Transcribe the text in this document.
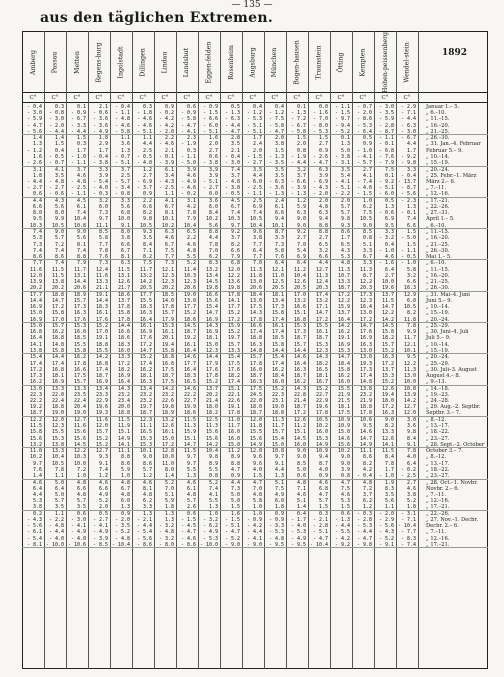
— 135 —
aus den täglichen Extremen.
Amberg Passau Metten Regens-burg Ingolstadt Dillingen Lindau Landshut Eggen-felden Rosenheim Augsburg München Bogen-hausen Traunstein Ötting Kempten Hohen-peissenberg Wendel-stein
C°	C°	C°	C°	C°	C°	C°	C°	C°	C°	C°	C°	C°	C°	C°	C°	C°	C°
1892
- 0.4	0.3	0.1	2.1	- 0.4	0.3	0.9	0.6	- 0.9	0.5	0.4	0.4	0.1	0.0	- 1.1	- 0.7	- 3.0	- 2.9 Januar 1.– 5.
- 3.0	- 0.8	- 0.9	- 0.6	- 1.1	- 1.8	- 0.2	- 0.9	- 1.5	- 1.3	- 1.2	- 1.2	- 1.3	- 1.6	- 1.5	- 2.0	- 3.5	- 7.1 „ 6.–10.
- 5.9	- 3.0	- 6.7	- 3.6	- 4.8	- 4.6	- 4.2	- 5.8	- 6.6	- 6.3	- 5.3	- 7.5	- 7.2	- 7.0	- 9.7	- 8.6	- 5.9	- 4.4 „ 11.–15.
- 4.7	- 2.0	- 3.3	- 3.6	- 4.6	- 4.6	- 4.2	- 4.7	- 6.0	- 4.4	- 5.1	- 5.8	- 6.7	- 8.0	- 9.4	- 5.3	- 2.8	- 6.3 „ 16.–20.
- 5.6	- 4.4	- 4.4	- 4.9	- 5.8	- 5.1	- 2.0	- 4.1	- 5.1	- 4.7	- 5.1	- 4.7	- 5.8	- 5.3	- 5.2	- 6.4	- 8.7	- 3.0 „ 21.–25.
1.4	1.4	1.5	1.8	1.1	1.1	2.2	2.3	1.6	2.8	1.7	2.0	1.5	1.5	0.1	0.5	- 1.1	- 6.7 „ 26.–30.
1.3	1.5	0.3	2.9	3.6	4.4	- 4.6	- 1.9	2.0	3.5	2.4	3.8	2.0	2.7	1.3	0.9	- 0.1	4.4 „ 31. Jan.–4. Februar
- 1.2	0.4	1.7	1.7	1.3	2.5	2.1	0.3	2.7	2.1	2.0	1.5	0.8	0.9	5.0	- 1.0	- 6.8	1.7 Februar 5.– 9.
1.6	- 0.5	- 1.0	- 0.4	- 0.7	- 0.5	- 0.1	- 1.1	0.6	- 0.4	- 1.5	- 1.3	- 1.9	- 2.6	- 3.8	- 4.1	- 7.6	- 9.2 „ 10.–14.
- 2.6	- 0.7	- 1.1	- 3.8	- 5.1	- 4.0	- 3.9	- 5.0	- 3.8	- 3.0	- 2.7	- 3.5	- 4.4	- 4.7	- 3.1	- 5.7	- 7.9	- 9.8 „ 15.–19.
3.1	4.1	3.7	3.3	3.7	1.2	6.1	3.9	3.9	7.4	3.5	3.5	3.2	6.3	3.5	2.7	7.5	3.3 „ 20.–24.
1.8	3.5	4.6	3.9	2.5	2.7	3.4	4.6	3.9	3.7	4.4	3.5	3.7	3.9	5.4	4.1	0.1	- 0.4 „ 25. Febr.–1. März
- 4.4	- 4.8	- 4.8	- 5.4	- 5.7	- 6.9	- 4.3	- 4.9	- 5.1	- 4.8	- 6.0	- 6.3	- 6.6	- 6.9	- 4.1	- 7.4	- 9.2 - 13.7 März 2.– 6.
- 2.7	- 2.7	- 2.5	- 4.0	- 3.4	- 3.7	- 2.5	- 4.6	- 2.7	- 3.0	- 2.5	- 3.6	- 3.9	- 4.3	- 5.1	- 4.6	- 5.1	- 8.7 „ 7.–11.
0.6	- 0.6	- 1.1	- 0.3	- 0.8	0.9	1.1	- 0.2	0.0	- 0.5	- 1.1	- 1.3	- 1.3	- 2.0	- 2.2	- 1.5	- 6.0	- 5.6 „ 12.–16.
4.4	4.3	4.5	3.2	3.3	2.2	4.1	3.1	3.6	4.5	2.5	2.4	1.2	2.0	2.0	1.0	0.5	- 2.3 „ 17.–21.
6.6	5.6	6.1	6.0	5.6	6.6	6.7	4.2	6.0	6.7	6.9	6.1	5.9	4.8	5.7	6.2	1.3	1.3 „ 22.–26.
8.0	8.0	7.4	7.3	6.8	8.2	8.1	7.8	8.4	7.4	7.4	6.6	6.3	6.3	5.7	7.5	- 0.6	- 0.1 „ 27.–31.
9.5	9.9	10.4	9.7	10.0	9.8	10.1	7.9	10.2	10.3	10.5	9.4	9.0	9.4	9.8	10.5	6.9	7.4 April 1.– 5.
10.3	10.5	10.8	11.1	9.1	10.5	10.2	10.4	5.6	9.7	10.4	10.1	9.0	8.8	9.3	9.0	9.5	6.6 „ 6.–10.
7.4	9.0	9.0	8.5	8.0	9.3	6.3	6.5	8.8	9.2	9.6	8.7	9.2	8.8	8.6	8.5	3.3	1.5 „ 11.–15.
5.3	5.7	5.6	5.8	3.8	3.5	4.6	2.2	4.4	3.7	3.8	3.3	2.7	2.7	1.7	0.8	- 3.2	- 5.0 „ 16.–20.
7.3	7.2	8.1	7.7	6.6	8.4	6.7	4.6	7.8	8.2	7.7	7.3	7.0	6.5	6.5	5.1	0.4	1.5 „ 21.–25.
7.4	7.4	7.4	7.8	6.7	7.1	7.5	4.8	7.0	6.6	6.4	5.8	5.4	3.2	4.3	3.3	- 1.0	- 1.1 „ 26.–30.
8.6	8.6	8.8	7.6	8.1	8.2	7.7	5.5	6.2	7.9	7.7	7.6	6.9	6.6	5.3	6.7	4.6	- 0.5 Mai 1.– 5.
7.7	7.4	7.9	7.3	6.3	7.5	7.3	5.2	8.3	6.8	7.0	6.4	6.4	4.4	4.8	3.3	- 1.6	- 1.0 „ 6.–10.
11.6	11.5	11.7	12.4	11.5	11.7	12.1	11.4	13.2	12.0	11.3	12.1	11.2	12.7	11.3	11.3	6.4	5.8 „ 11.–15.
12.0	11.5	13.1	11.6	13.1	13.2	12.3	10.3	13.4	12.2	11.8	11.0	10.4	11.3	10.7	8.7	2.7	3.2 „ 16.–20.
13.9	13.8	14.4	13.3	12.6	14.2	12.3	12.3	14.5	13.6	13.0	12.5	12.6	12.4	13.3	12.2	10.0	6.6 „ 21.–25.
20.2	20.2	20.6	21.1	21.7	20.5	20.2	20.6	19.8	19.8	20.6	20.5	20.5	20.3	18.7	20.3	19.6	16.3 „ 26.–30.
17.7	18.8	18.9	19.1	18.6	17.7	18.5	19.0	16.6	17.8	18.4	18.1	17.0	17.4	17.2	17.3	13.7	12.9 „ 31. Mai–4. Juni
14.4	14.7	15.7	14.4	13.7	15.5	14.0	13.0	15.6	14.1	13.0	13.4	13.2	13.2	12.2	12.3	11.5	6.0 Juni 5.– 9.
16.9	17.2	17.3	18.3	17.8	18.3	17.8	17.7	15.4	17.7	17.5	17.3	16.6	17.1	15.9	16.4	14.7	10.5 „ 10.–14.
15.0	15.8	16.3	16.1	15.8	16.3	15.7	15.2	14.7	15.2	14.3	15.8	15.1	14.7	13.7	13.0	12.2	8.2 „ 15.–19.
16.9	17.0	17.6	17.6	17.8	16.4	17.9	18.6	16.9	17.2	17.8	17.4	16.8	17.2	16.4	17.2	14.2	11.8 „ 20.–24.
15.0	15.7	15.3	15.2	14.4	16.1	15.3	14.5	14.3	15.9	16.6	16.1	15.3	15.5	14.2	14.7	14.5	7.8 „ 25.–29.
16.8	16.2	16.0	17.0	16.6	16.9	16.1	18.7	16.9	15.2	17.4	17.4	17.3	16.1	16.2	17.6	15.8	9.9 „ 30. Juni–4. Juli
16.4	18.8	18.5	19.1	18.6	17.6	20.1	19.2	18.1	19.7	18.8	18.5	18.7	18.7	19.1	16.9	18.2	11.7 Juli 5.– 9.
14.1	14.8	15.5	18.8	18.3	17.2	19.4	16.1	15.0	15.7	16.3	15.8	15.7	15.3	16.9	16.3	15.7	12.1 „ 10.–14.
13.8	15.8	15.8	15.5	16.0	14.7	15.8	16.4	12.3	13.3	14.8	14.4	14.4	12.3	15.3	13.0	15.2	10.1 „ 15.–19.
15.4	14.4	16.2	14.2	13.3	15.2	16.8	14.6	14.4	15.4	15.7	15.4	14.6	14.3	14.7	13.0	16.3	9.5 „ 20.–24.
17.4	17.4	17.8	16.8	17.2	17.4	16.8	17.7	17.9	17.5	17.8	17.4	16.4	18.2	18.4	19.3	17.2	12.2 „ 25.–29.
17.2	16.8	16.6	17.4	18.2	16.2	17.5	16.4	17.6	17.6	16.0	16.2	16.3	16.5	15.8	17.3	13.7	11.3 „ 30. Juli–3. August
17.3	18.1	17.5	18.7	16.9	18.1	18.7	18.3	17.8	18.2	18.7	18.4	18.7	18.1	16.2	17.4	15.3	13.0 August 4.– 8.
16.2	16.9	15.7	16.9	16.4	16.3	17.5	16.5	15.2	17.4	16.3	16.0	16.2	16.7	16.0	14.8	15.2	10.0 „ 9.–13.
13.0	13.3	13.3	13.4	14.3	13.4	14.2	14.6	13.7	15.1	17.5	15.2	14.3	15.2	15.5	13.8	12.6	10.8 „ 14.–18.
22.3	22.0	23.5	23.3	23.2	23.2	23.2	22.2	20.2	22.1	24.5	22.3	22.8	22.7	21.9	23.2	19.4	13.9 „ 19.–23.
22.2	22.4	22.4	22.9	23.4	23.2	22.6	22.7	21.4	22.6	22.0	23.1	21.4	22.9	21.5	21.9	18.0	14.2 „ 24.–28.
19.2	18.8	20.4	19.6	20.0	19.7	19.8	19.9	18.0	19.1	18.0	19.0	18.7	19.6	18.1	18.8	17.2	12.7 „ 29. Aug.–2. Septbr.
18.7	19.0	19.0	19.3	18.8	18.7	18.9	18.6	18.2	17.8	18.7	18.8	17.2	17.8	17.5	17.8	16.3	12.0 Septbr. 3.– 7.
12.2	12.0	12.7	11.6	11.5	12.3	13.2	11.5	12.5	11.0	12.0	11.3	12.6	10.5	10.9	10.6	9.0	3.0 „ 8.–12.
11.5	12.3	11.6	12.0	11.9	11.1	12.6	11.3	11.3	11.7	11.8	11.7	11.2	10.2	10.9	9.5	8.2	3.6 „ 13.–17.
15.8	15.5	15.6	15.7	15.1	16.5	16.1	15.9	15.6	16.0	15.5	15.7	15.1	16.0	15.0	14.6	13.3	9.8 „ 18.–22.
15.6	15.3	15.6	15.2	14.9	15.3	15.0	15.1	15.6	16.0	15.6	15.4	14.5	15.3	14.6	14.7	12.6	8.4 „ 23.–27.
13.2	13.8	14.5	15.2	14.1	15.3	17.2	14.7	14.2	15.0	14.9	15.0	16.0	14.9	15.6	14.9	14.1	9.1 „ 28. Sept.–2. October
11.0	13.3	12.2	12.7	11.1	10.1	12.8	11.5	10.4	11.2	12.0	10.8	9.0	10.9	10.2	11.1	11.5	7.8 October 3.– 7.
10.2	10.4	10.3	9.3	8.8	9.0	10.0	9.7	9.8	8.9	9.6	9.7	9.0	9.4	9.0	8.6	8.4	4.0 „ 8.–12.
9.7	10.5	10.0	9.1	8.6	8.6	11.0	9.7	8.9	8.8	9.6	9.1	8.5	8.7	9.0	8.2	7.8	6.4 „ 13.–17.
7.6	7.8	7.2	7.4	5.9	5.7	8.0	5.5	5.5	4.7	4.0	4.4	5.0	4.0	3.9	4.2	1.7	- 0.2 „ 18.–22.
1.4	1.1	1.0	1.2	1.0	1.2	1.4	1.3	0.8	0.9	1.5	1.3	0.6	0.9	0.8	- 0.4	- 1.0	- 2.5 „ 23.–27.
4.6	5.0	4.8	4.6	4.8	4.6	5.2	4.6	5.2	4.4	4.7	5.1	4.8	4.6	4.7	4.8	1.9	2.7 „ 28. Oct.–1. Novbr.
6.4	6.4	6.6	6.6	6.7	8.1	7.0	6.1	7.4	7.3	7.0	7.5	7.1	6.8	7.5	7.2	8.3	4.6 Novbr. 2.– 6.
4.4	5.0	4.8	4.9	4.8	4.8	5.1	4.8	4.1	5.0	4.8	4.9	4.6	4.7	4.6	3.7	3.5	3.8 „ 7.–11.
5.3	5.7	5.7	5.2	6.0	6.2	5.9	5.7	5.5	5.0	5.8	6.0	5.1	5.7	5.3	6.2	5.6	5.2 „ 12.–16.
3.8	3.5	3.5	2.0	1.3	3.3	1.8	2.6	1.3	1.5	1.0	1.8	1.4	1.5	1.5	1.2	1.1	1.8 „ 17.–21.
0.2	1.1	0.6	0.5	0.9	1.3	1.3	0.6	1.0	1.6	1.0	0.9	0.4	0.3	0.6	- 0.3	- 2.0	- 3.1 „ 22.–26.
- 4.3	- 2.2	- 3.0	- 2.7	- 2.0	- 2.1	1.3	- 1.5	- 3.2	- 1.5	- 0.9	- 0.9	- 1.7	- 2.1	- 1.3	- 2.8	- 2.9	- 7.1 „ 27. Nov.–1. Decbr.
- 5.6	- 4.8	- 4.1	- 4.1	- 3.5	- 4.4	- 3.2	- 4.5	- 6.2	- 5.1	- 4.2	- 3.3	- 4.0	- 2.8	- 4.4	- 5.3	- 5.6 - 10.4 Decbr. 2.– 6.
- 6.1	- 4.4	- 4.9	- 4.9	- 5.2	- 5.4	- 4.8	- 4.7	- 4.9	- 4.7	- 4.4	- 5.3	- 5.3	- 5.1	- 5.5	- 4.4	- 4.3	- 7.7 „ 7.–11.
- 5.4	- 4.0	- 4.0	- 3.9	- 4.8	- 5.6	- 3.2	- 4.6	- 5.3	- 5.2	- 4.1	- 4.8	- 4.9	- 4.7	- 4.2	- 4.7	- 5.2	- 8.3 „ 12.–16.
- 8.1 - 10.0 - 10.6	- 8.5 - 10.4	- 8.6	- 8.0	- 8.6 - 10.0	- 9.0	- 9.0	- 9.5	- 9.5 - 10.4	- 9.2	- 9.8	- 9.1	- 7.4 „ 17.–21.
